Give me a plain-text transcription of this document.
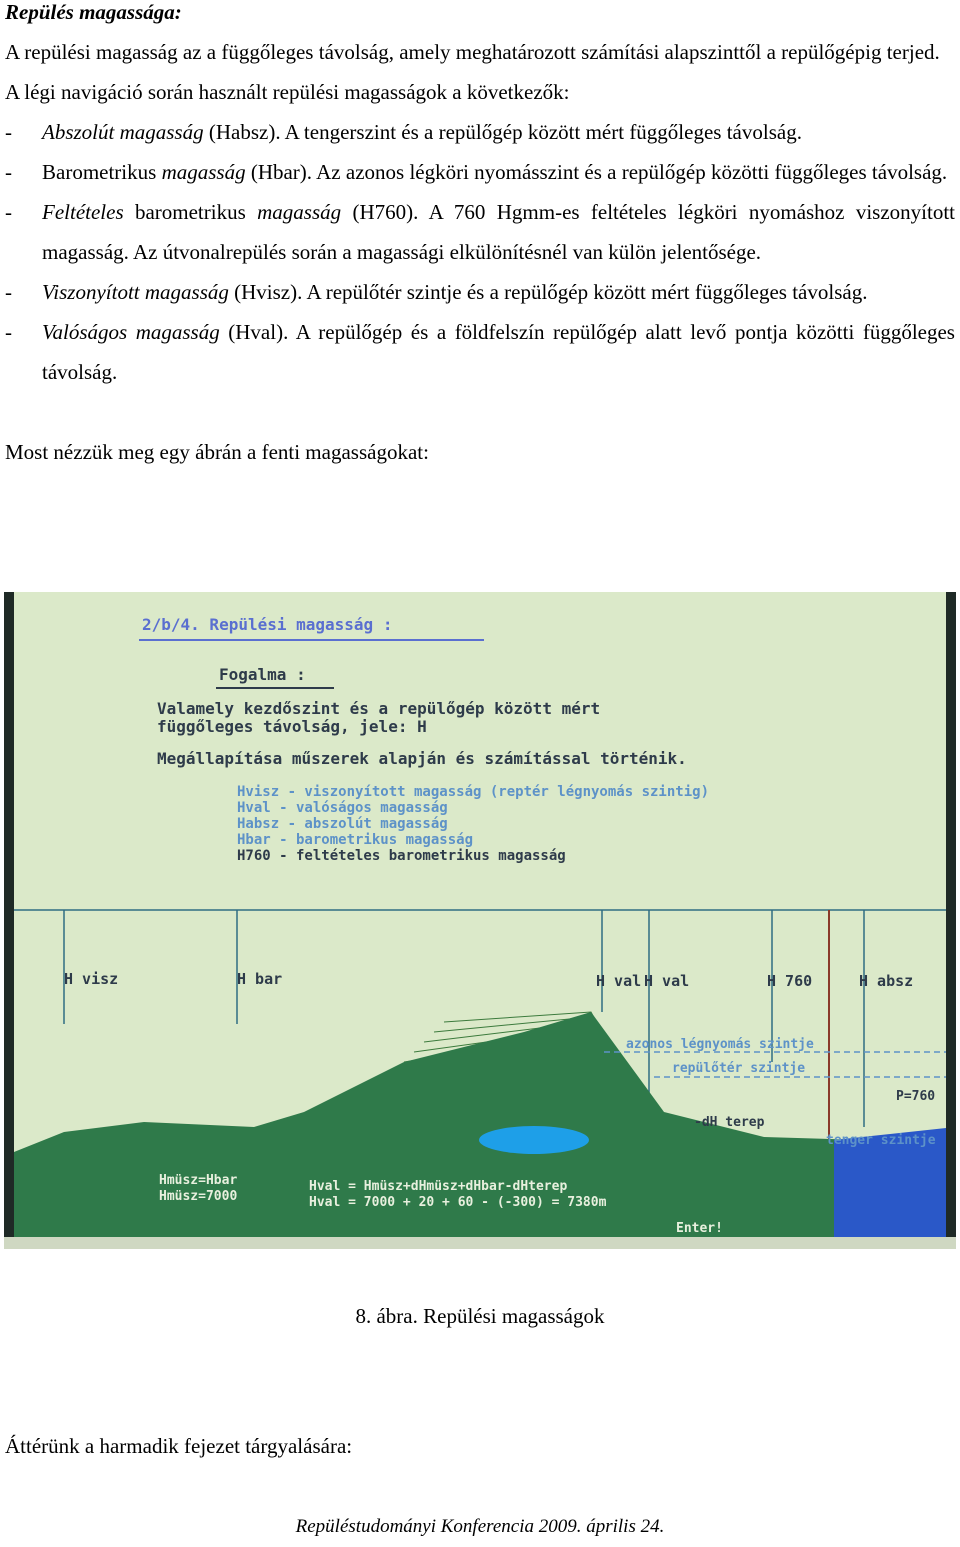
Repülés magassága:

A repülési magasság az a függőleges távolság, amely meghatározott számítási alapszinttől a repülőgépig terjed.

A légi navigáció során használt repülési magasságok a következők:

-	Abszolút magasság (Habsz). A tengerszint és a repülőgép között mért függőleges távolság.
-	Barometrikus magasság (Hbar). Az azonos légköri nyomásszint és a repülőgép közötti függőleges távolság.
-	Feltételes barometrikus magasság (H760). A 760 Hgmm-es feltételes légköri nyomáshoz viszonyított magasság. Az útvonalrepülés során a magassági elkülönítésnél van külön jelentősége.
-	Viszonyított magasság (Hvisz). A repülőtér szintje és a repülőgép között mért függőleges távolság.
-	Valóságos magasság (Hval). A repülőgép és a földfelszín repülőgép alatt levő pontja közötti függőleges távolság.

Most nézzük meg egy ábrán a fenti magasságokat:

2/b/4. Repülési magasság :
Fogalma :
Valamely kezdőszint és a repülőgép között mért
függőleges távolság, jele: H
Megállapítása műszerek alapján és számítással történik.
Hvisz - viszonyított magasság (reptér légnyomás szintig)
Hval - valóságos magasság
Habsz - abszolút magasság
Hbar - barometrikus magasság
H760 - feltételes barometrikus magasság
H visz	H bar	H val H val	H 760	H absz
azonos légnyomás szintje
repülőtér szintje
P=760
-dH terep
tenger szintje
Hmüsz=Hbar
Hmüsz=7000
Hval = Hmüsz+dHmüsz+dHbar-dHterep
Hval = 7000 + 20 + 60 - (-300) = 7380m
Enter!
8. ábra. Repülési magasságok
Áttérünk a harmadik fejezet tárgyalására:
Repüléstudományi Konferencia 2009. április 24.
